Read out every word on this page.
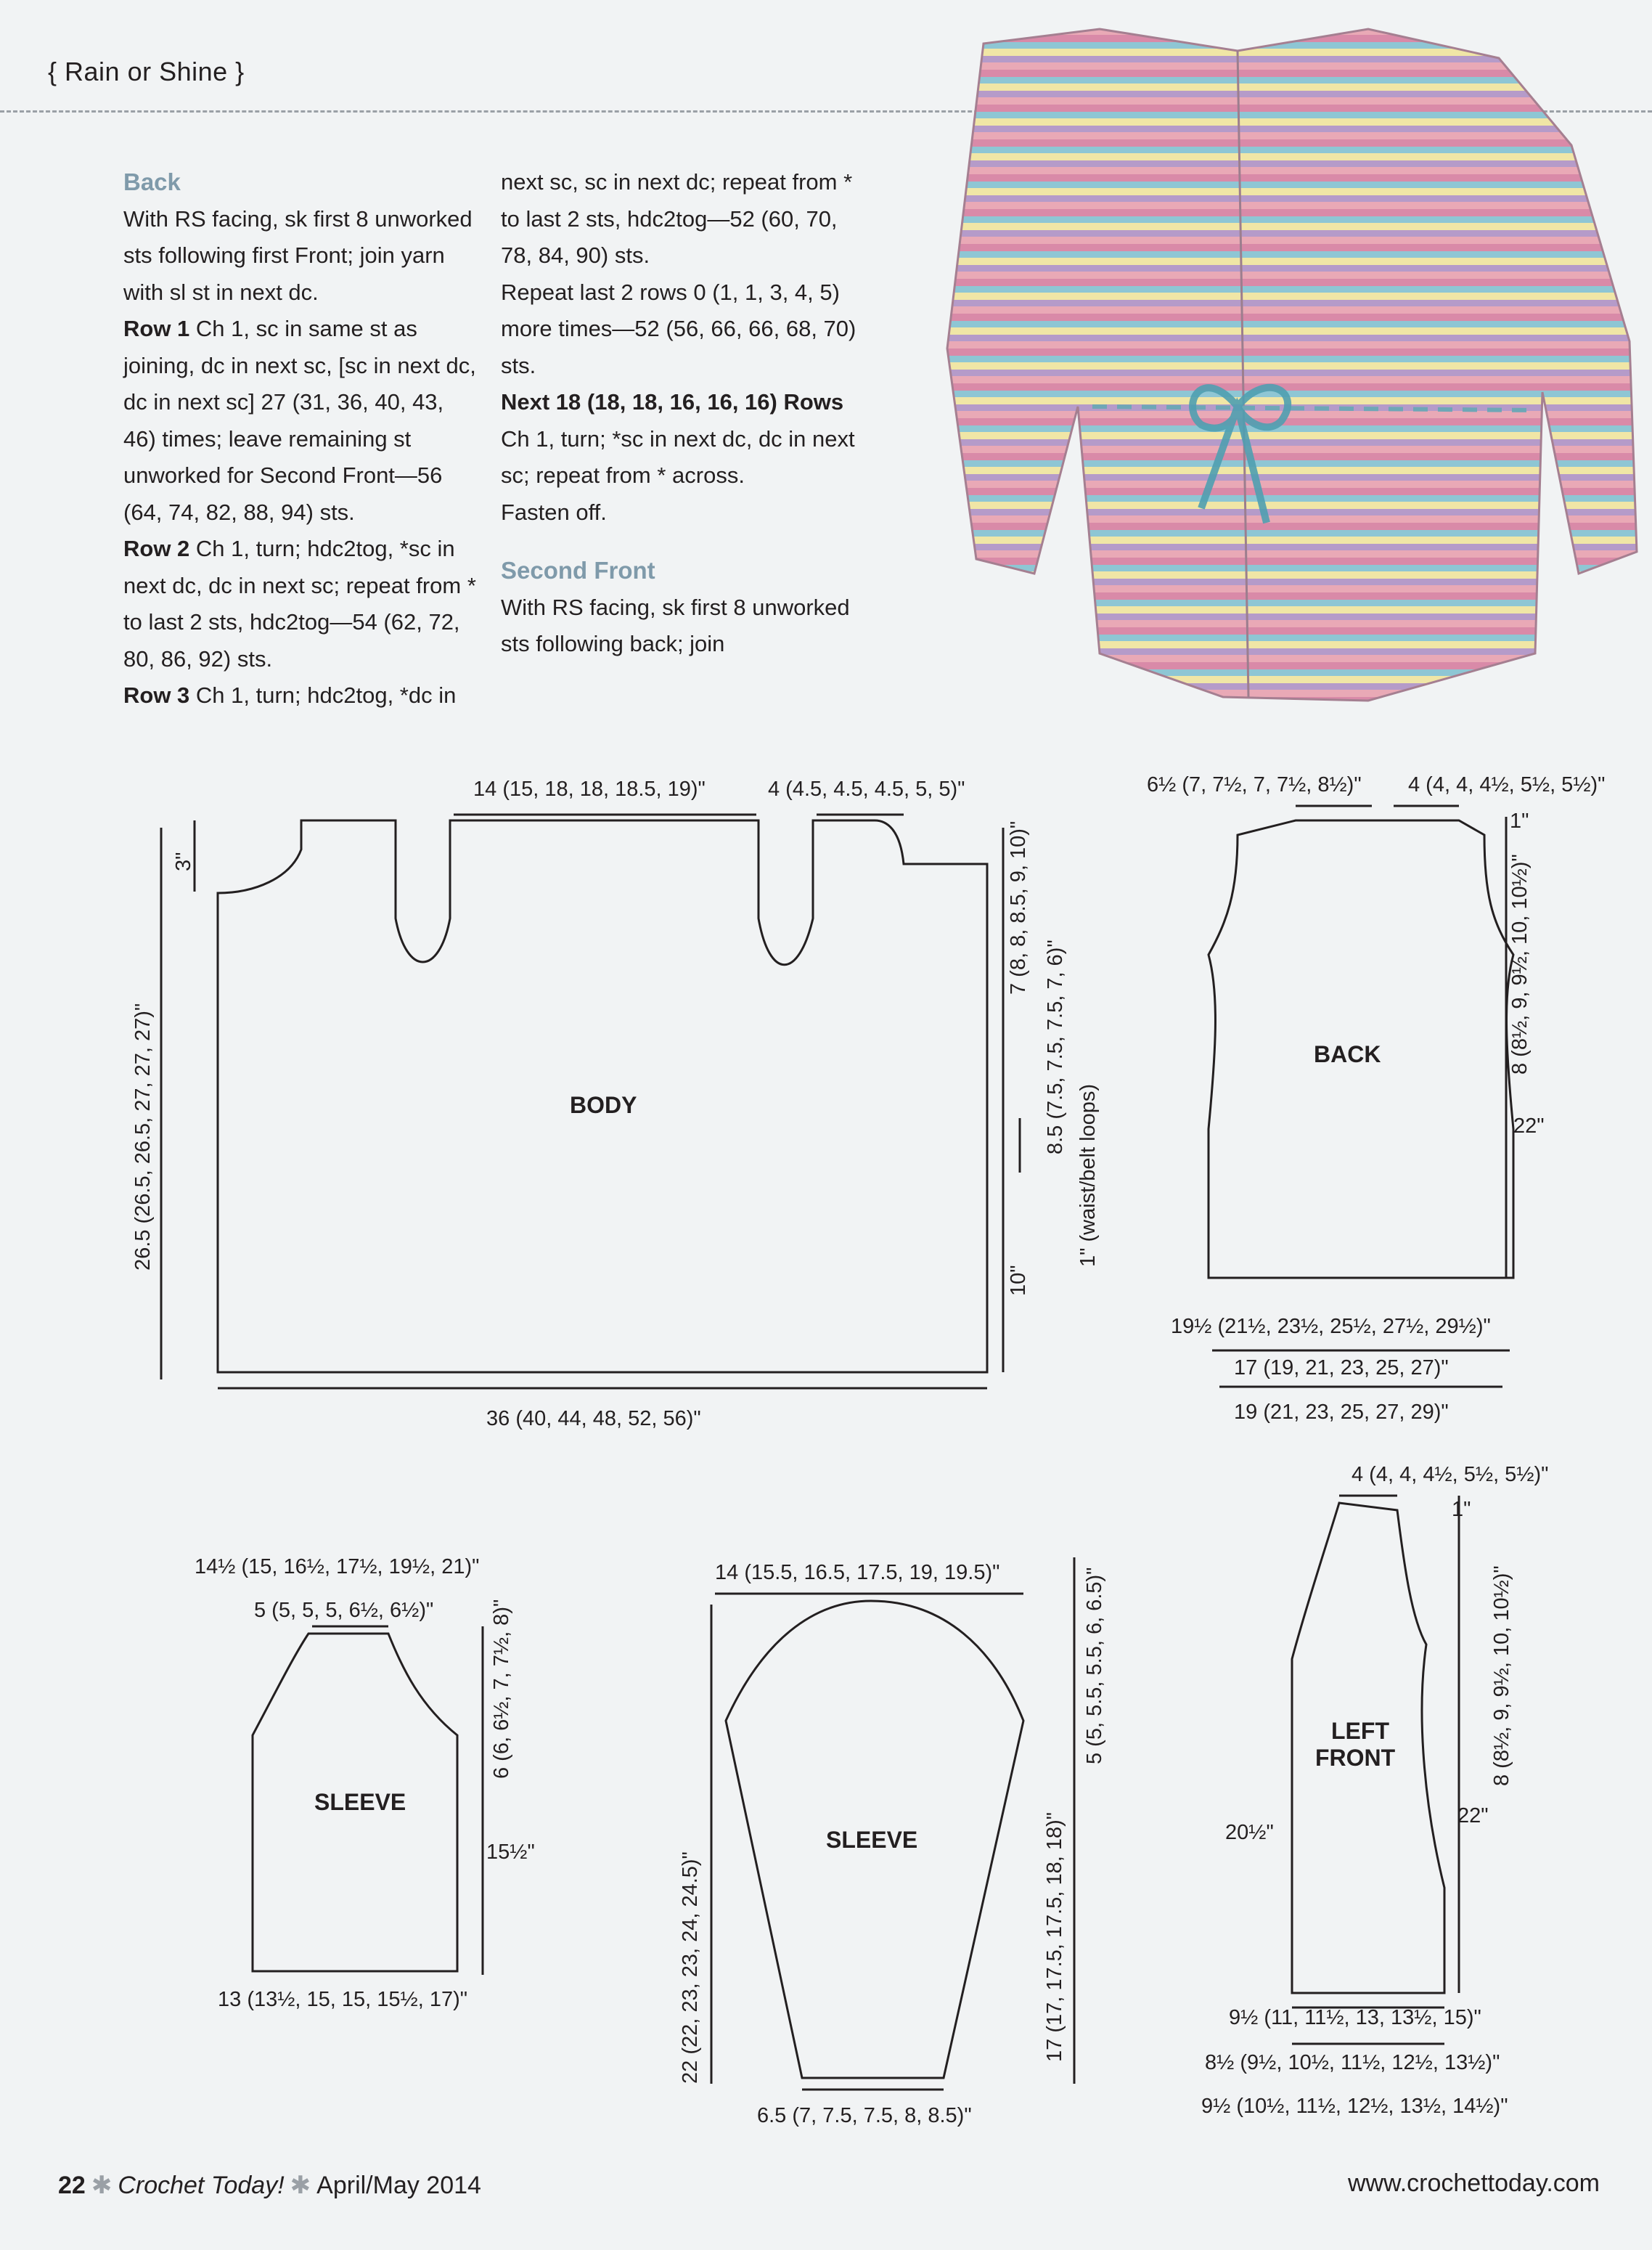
{ Rain or Shine }

Back

With RS facing, sk first 8 unworked sts following first Front; join yarn with sl st in next dc.

Row 1 Ch 1, sc in same st as joining, dc in next sc, [sc in next dc, dc in next sc] 27 (31, 36, 40, 43, 46) times; leave remaining st unworked for Second Front—56 (64, 74, 82, 88, 94) sts.

Row 2 Ch 1, turn; hdc2tog, *sc in next dc, dc in next sc; repeat from * to last 2 sts, hdc2tog—54 (62, 72, 80, 86, 92) sts.

Row 3 Ch 1, turn; hdc2tog, *dc in

next sc, sc in next dc; repeat from * to last 2 sts, hdc2tog—52 (60, 70, 78, 84, 90) sts.

Repeat last 2 rows 0 (1, 1, 3, 4, 5) more times—52 (56, 66, 66, 68, 70) sts.

Next 18 (18, 18, 16, 16, 16) Rows Ch 1, turn; *sc in next dc, dc in next sc; repeat from * across.

Fasten off.

Second Front

With RS facing, sk first 8 unworked sts following back; join

BODY
14 (15, 18, 18, 18.5, 19)"	4 (4.5, 4.5, 4.5, 5, 5)"
3"
26.5 (26.5, 26.5, 27, 27, 27)"
7 (8, 8, 8.5, 9, 10)"
8.5 (7.5, 7.5, 7.5, 7, 6)"
1" (waist/belt loops)
10"
36 (40, 44, 48, 52, 56)"
BACK
6½ (7, 7½, 7, 7½, 8½)" 4 (4, 4, 4½, 5½, 5½)"
1"
8 (8½, 9, 9½, 10, 10½)"
22"
19½ (21½, 23½, 25½, 27½, 29½)"
17 (19, 21, 23, 25, 27)"
19 (21, 23, 25, 27, 29)"
SLEEVE
14½ (15, 16½, 17½, 19½, 21)"
5 (5, 5, 5, 6½, 6½)"	6 (6, 6½, 7, 7½, 8)"
15½"
13 (13½, 15, 15, 15½, 17)"
SLEEVE
14 (15.5, 16.5, 17.5, 19, 19.5)"	5 (5, 5.5, 5.5, 6, 6.5)"
22 (22, 23, 23, 24, 24.5)"	17 (17, 17.5, 17.5, 18, 18)"
6.5 (7, 7.5, 7.5, 8, 8.5)"
LEFT
FRONT
4 (4, 4, 4½, 5½, 5½)"
1"
8 (8½, 9, 9½, 10, 10½)"
22"
20½"
9½ (11, 11½, 13, 13½, 15)"
8½ (9½, 10½, 11½, 12½, 13½)"
9½ (10½, 11½, 12½, 13½, 14½)"
22 ✱ Crochet Today! ✱ April/May 2014	www.crochettoday.com
